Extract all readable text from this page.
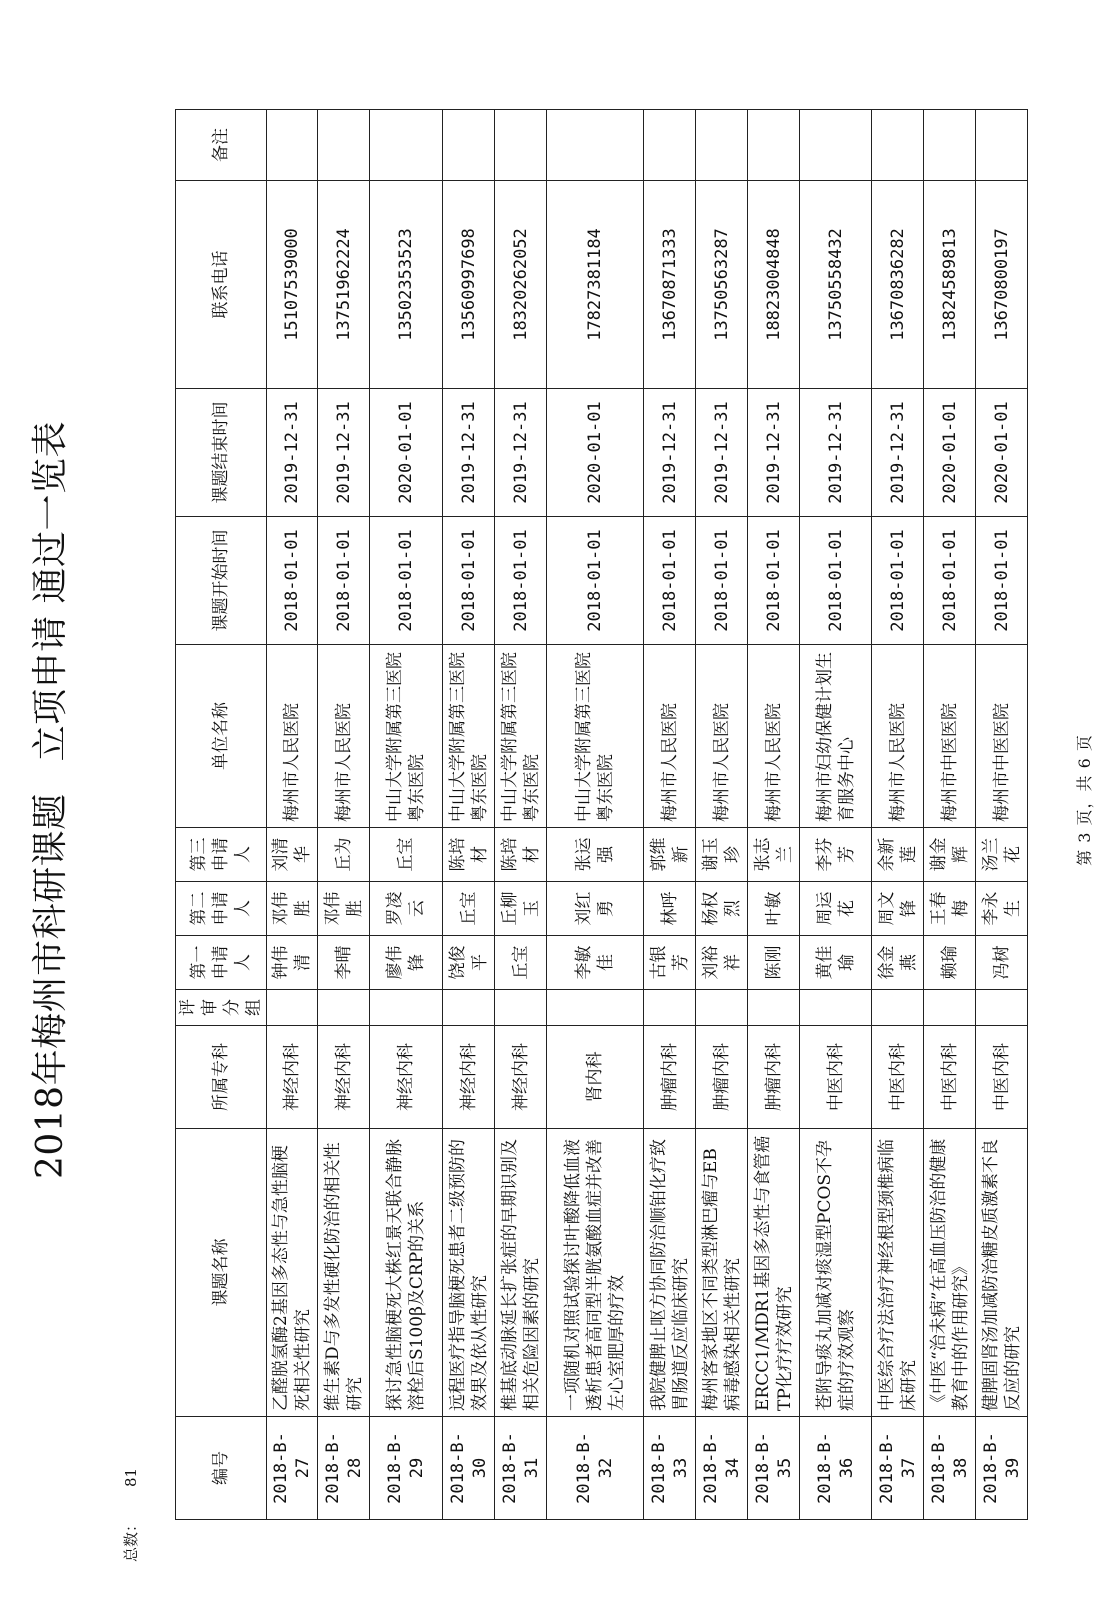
2018年梅州市科研课题立项申请 通过一览表
总数：81	编号	课题名称	所属专科	评审分组	第一申请人	第二申请人	第三申请人	单位名称	课题开始时间	课题结束时间	联系电话	备注
2018-B-27	乙醛脱氢酶2基因多态性与急性脑梗死相关性研究	神经内科		钟伟清	邓伟胜	刘清华	梅州市人民医院	2018-01-01	2019-12-31	15107539000	
2018-B-28	维生素D与多发性硬化防治的相关性研究	神经内科		李晴	邓伟胜	丘为	梅州市人民医院	2018-01-01	2019-12-31	13751962224	
2018-B-29	探讨急性脑梗死大株红景天联合静脉溶栓后S100β及CRP的关系	神经内科		廖伟锋	罗凌云	丘宝	中山大学附属第三医院粤东医院	2018-01-01	2020-01-01	13502353523	
2018-B-30	远程医疗指导脑梗死患者二级预防的效果及依从性研究	神经内科		饶俊平	丘宝	陈培材	中山大学附属第三医院粤东医院	2018-01-01	2019-12-31	13560997698	
2018-B-31	椎基底动脉延长扩张症的早期识别及相关危险因素的研究	神经内科		丘宝	丘柳玉	陈培材	中山大学附属第三医院粤东医院	2018-01-01	2019-12-31	18320262052	
2018-B-32	一项随机对照试验探讨叶酸降低血液透析患者高同型半胱氨酸血症并改善左心室肥厚的疗效	肾内科		李敏佳	刘红勇	张运强	中山大学附属第三医院粤东医院	2018-01-01	2020-01-01	17827381184	
2018-B-33	我院健脾止呕方协同防治顺铂化疗致胃肠道反应临床研究	肿瘤内科		古银芳	林呼	郭维新	梅州市人民医院	2018-01-01	2019-12-31	13670871333	
2018-B-34	梅州客家地区不同类型淋巴瘤与EB病毒感染相关性研究	肿瘤内科		刘裕祥	杨权烈	谢玉珍	梅州市人民医院	2018-01-01	2019-12-31	13750563287	
2018-B-35	ERCC1/MDR1基因多态性与食管癌TP化疗疗效研究	肿瘤内科		陈刚	叶敏	张志兰	梅州市人民医院	2018-01-01	2019-12-31	18823004848	
2018-B-36	苍附导痰丸加减对痰湿型PCOS不孕症的疗效观察	中医内科		黄佳瑜	周运花	李芬芳	梅州市妇幼保健计划生育服务中心	2018-01-01	2019-12-31	13750558432	
2018-B-37	中医综合疗法治疗神经根型颈椎病临床研究	中医内科		徐金燕	周文锋	余新莲	梅州市人民医院	2018-01-01	2019-12-31	13670836282	
2018-B-38	《中医“治未病”在高血压防治的健康教育中的作用研究》	中医内科		赖瑜	王春梅	谢金辉	梅州市中医医院	2018-01-01	2020-01-01	13824589813	
2018-B-39	健脾固肾汤加减防治糖皮质激素不良反应的研究	中医内科		冯树	李永生	汤兰花	梅州市中医医院	2018-01-01	2020-01-01	13670800197	
第 3 页，共 6 页
